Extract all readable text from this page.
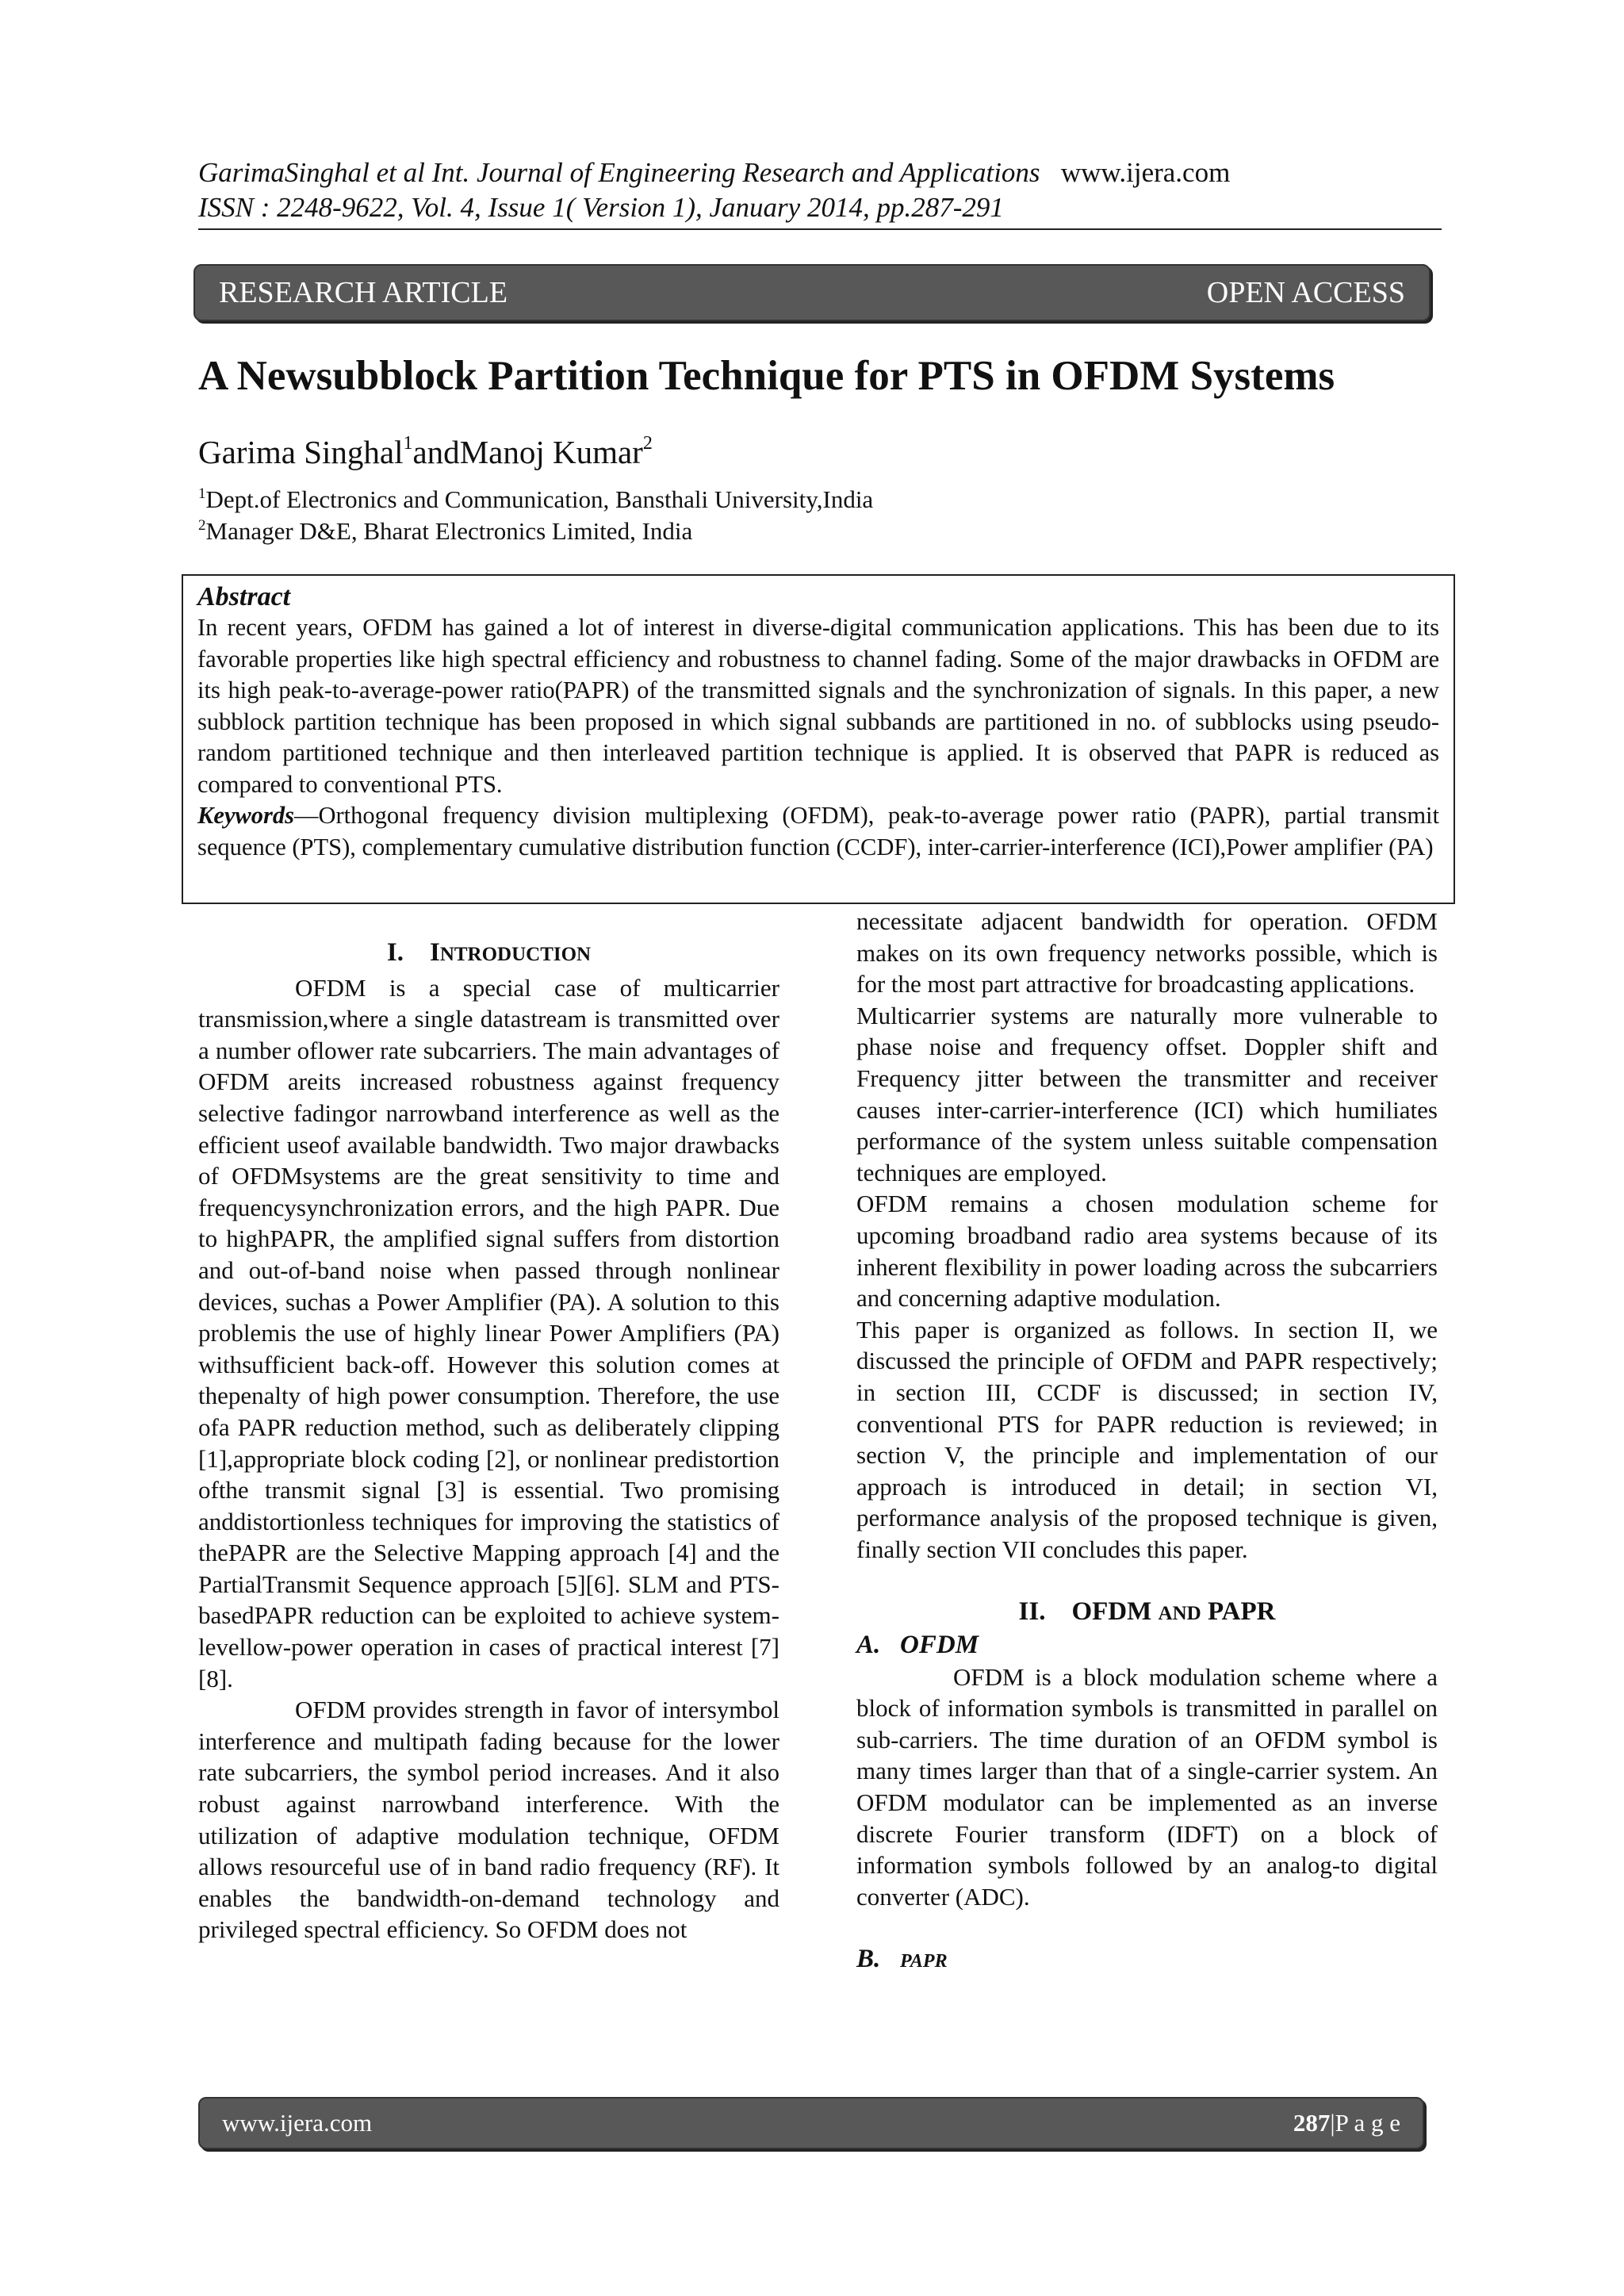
GarimaSinghal et al Int. Journal of Engineering Research and Applications www.ijera.com
ISSN : 2248-9622, Vol. 4, Issue 1( Version 1), January 2014, pp.287-291
RESEARCH ARTICLE	OPEN ACCESS
A Newsubblock Partition Technique for PTS in OFDM Systems
Garima Singhal$^1$andManoj Kumar$^2$
$^1$Dept.of Electronics and Communication, Bansthali University,India
$^2$Manager D&E, Bharat Electronics Limited, India
Abstract

In recent years, OFDM has gained a lot of interest in diverse-digital communication applications. This has been due to its favorable properties like high spectral efficiency and robustness to channel fading. Some of the major drawbacks in OFDM are its high peak-to-average-power ratio(PAPR) of the transmitted signals and the synchronization of signals. In this paper, a new subblock partition technique has been proposed in which signal subbands are partitioned in no. of subblocks using pseudo-random partitioned technique and then interleaved partition technique is applied. It is observed that PAPR is reduced as compared to conventional PTS.

Keywords—Orthogonal frequency division multiplexing (OFDM), peak-to-average power ratio (PAPR), partial transmit sequence (PTS), complementary cumulative distribution function (CCDF), inter-carrier-interference (ICI),Power amplifier (PA)

I. INTRODUCTION

OFDM is a special case of multicarrier transmission,where a single datastream is transmitted over a number oflower rate subcarriers. The main advantages of OFDM areits increased robustness against frequency selective fadingor narrowband interference as well as the efficient useof available bandwidth. Two major drawbacks of OFDMsystems are the great sensitivity to time and frequencysynchronization errors, and the high PAPR. Due to highPAPR, the amplified signal suffers from distortion and out-of-band noise when passed through nonlinear devices, suchas a Power Amplifier (PA). A solution to this problemis the use of highly linear Power Amplifiers (PA) withsufficient back-off. However this solution comes at thepenalty of high power consumption. Therefore, the use ofa PAPR reduction method, such as deliberately clipping [1],appropriate block coding [2], or nonlinear predistortion ofthe transmit signal [3] is essential. Two promising anddistortionless techniques for improving the statistics of thePAPR are the Selective Mapping approach [4] and the PartialTransmit Sequence approach [5][6]. SLM and PTS-basedPAPR reduction can be exploited to achieve system-levellow-power operation in cases of practical interest [7][8].

OFDM provides strength in favor of intersymbol interference and multipath fading because for the lower rate subcarriers, the symbol period increases. And it also robust against narrowband interference. With the utilization of adaptive modulation technique, OFDM allows resourceful use of in band radio frequency (RF). It enables the bandwidth-on-demand technology and privileged spectral efficiency. So OFDM does not

necessitate adjacent bandwidth for operation. OFDM makes on its own frequency networks possible, which is for the most part attractive for broadcasting applications.

Multicarrier systems are naturally more vulnerable to phase noise and frequency offset. Doppler shift and Frequency jitter between the transmitter and receiver causes inter-carrier-interference (ICI) which humiliates performance of the system unless suitable compensation techniques are employed.

OFDM remains a chosen modulation scheme for upcoming broadband radio area systems because of its inherent flexibility in power loading across the subcarriers and concerning adaptive modulation.

This paper is organized as follows. In section II, we discussed the principle of OFDM and PAPR respectively; in section III, CCDF is discussed; in section IV, conventional PTS for PAPR reduction is reviewed; in section V, the principle and implementation of our approach is introduced in detail; in section VI, performance analysis of the proposed technique is given, finally section VII concludes this paper.

II. OFDM AND PAPR

A. OFDM

OFDM is a block modulation scheme where a block of information symbols is transmitted in parallel on sub-carriers. The time duration of an OFDM symbol is many times larger than that of a single-carrier system. An OFDM modulator can be implemented as an inverse discrete Fourier transform (IDFT) on a block of information symbols followed by an analog-to digital converter (ADC).

B. PAPR

www.ijera.com	287|P a g e
